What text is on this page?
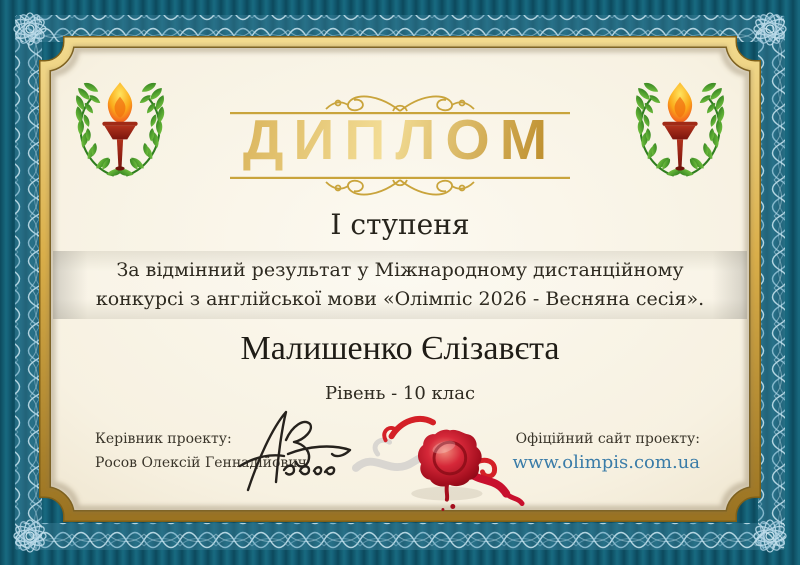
ДИПЛОМ
І ступеня

За відмінний результат у Міжнародному дистанційному

конкурсі з англійської мови «Олімпіс 2026 - Весняна сесія».

Малишенко Єлізавєта
Рівень - 10 клас

Керівник проекту:

Росов Олексій Геннадійович

Офіційний сайт проекту:

www.olimpis.com.ua
